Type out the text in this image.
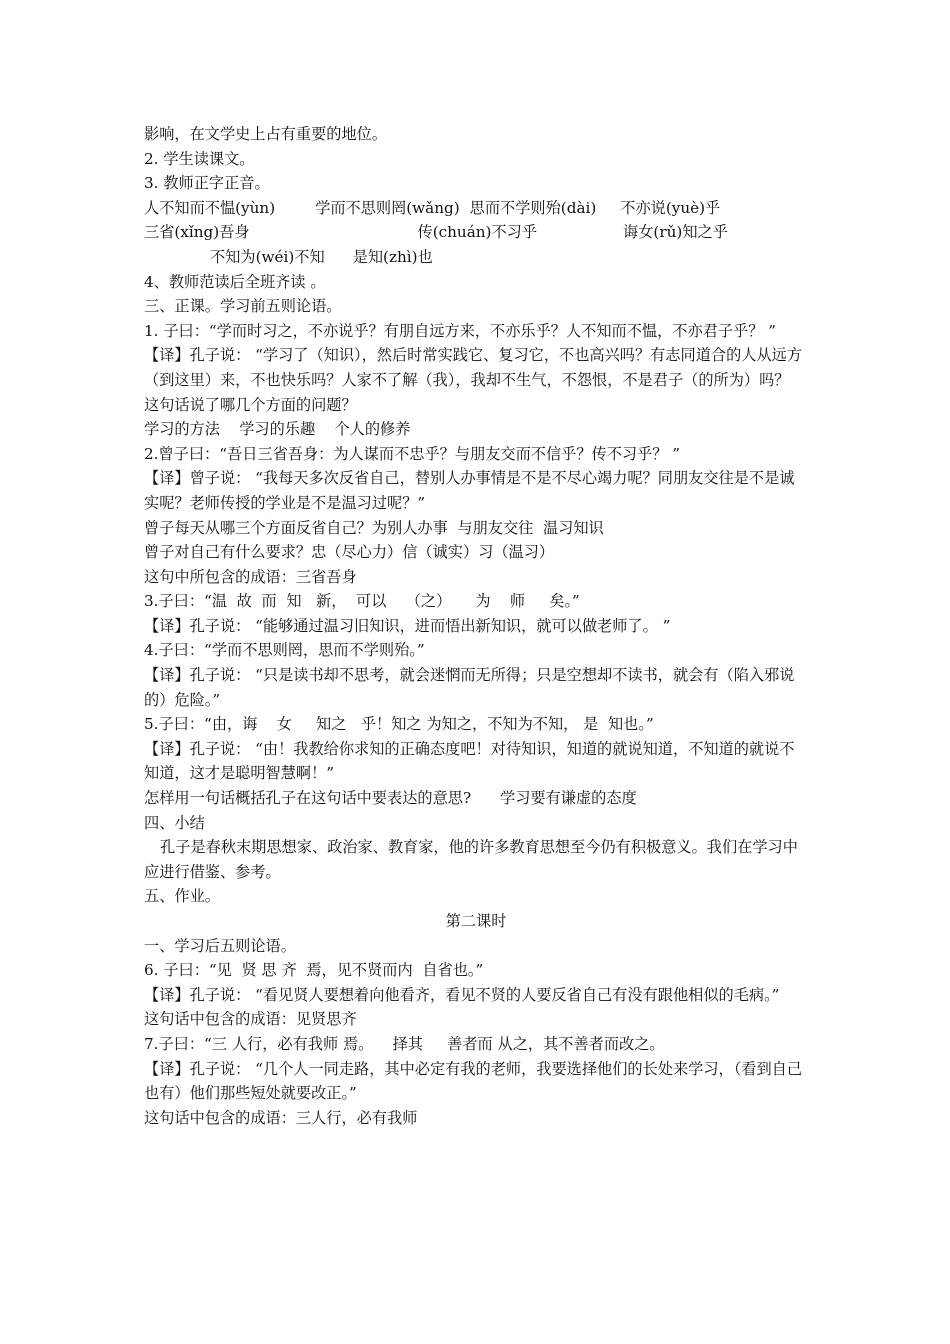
影响，在文学史上占有重要的地位。

2. 学生读课文。

3. 教师正字正音。

人不知而不愠(yùn)	学而不思则罔(wǎng) 思而不学则殆(dài) 不亦说(yuè)乎

三省(xǐng)吾身	传(chuán)不习乎	诲女(rǔ)知之乎

不知为(wéi)不知 是知(zhì)也

4、教师范读后全班齐读 。

三、正课。学习前五则论语。

1. 子曰：“学而时习之，不亦说乎？有朋自远方来，不亦乐乎？人不知而不愠，不亦君子乎？ ”

【译】孔子说： “学习了（知识），然后时常实践它、复习它，不也高兴吗？有志同道合的人从远方（到这里）来，不也快乐吗？人家不了解（我），我却不生气，不怨恨，不是君子（的所为）吗？

这句话说了哪几个方面的问题？

学习的方法    学习的乐趣    个人的修养

2.曾子曰：“吾日三省吾身：为人谋而不忠乎？与朋友交而不信乎？传不习乎？ ”

【译】曾子说： “我每天多次反省自己，替别人办事情是不是不尽心竭力呢？同朋友交往是不是诚实呢？老师传授的学业是不是温习过呢？”

曾子每天从哪三个方面反省自己？为别人办事  与朋友交往  温习知识

曾子对自己有什么要求？忠（尽心力）信（诚实）习（温习）

这句中所包含的成语：三省吾身

3.子曰：“温  故  而  知   新，  可以    （之）     为    师     矣。”

【译】孔子说： “能够通过温习旧知识，进而悟出新知识，就可以做老师了。 ”

4.子曰：“学而不思则罔，思而不学则殆。”

【译】孔子说： “只是读书却不思考，就会迷惘而无所得；只是空想却不读书，就会有（陷入邪说的）危险。”

5.子曰：“由，诲    女     知之   乎！知之 为知之，不知为不知， 是  知也。”

【译】孔子说： “由！我教给你求知的正确态度吧！对待知识，知道的就说知道，不知道的就说不知道，这才是聪明智慧啊！”

怎样用一句话概括孔子在这句话中要表达的意思?      学习要有谦虚的态度

四、小结

孔子是春秋末期思想家、政治家、教育家，他的许多教育思想至今仍有积极意义。我们在学习中应进行借鉴、参考。

五、作业。

第二课时

一、学习后五则论语。

6. 子曰：“见  贤 思 齐  焉，见不贤而内  自省也。”

【译】孔子说： “看见贤人要想着向他看齐，看见不贤的人要反省自己有没有跟他相似的毛病。”

这句话中包含的成语：见贤思齐

7.子曰：“三 人行，必有我师 焉。    择其     善者而 从之，其不善者而改之。

【译】孔子说： “几个人一同走路，其中必定有我的老师，我要选择他们的长处来学习，（看到自己也有）他们那些短处就要改正。”

这句话中包含的成语：三人行，必有我师
